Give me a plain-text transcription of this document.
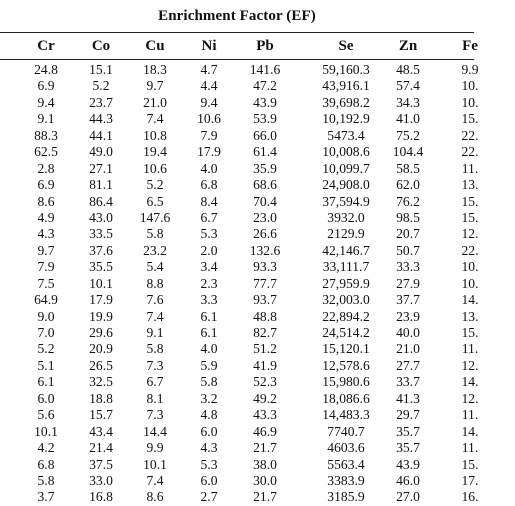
Enrichment Factor (EF)
Cr	Co	Cu	Ni	Pb	Se	Zn	Fe
24.8	15.1	18.3	4.7	141.6	59,160.3	48.5	9.9
6.9	5.2	9.7	4.4	47.2	43,916.1	57.4	10.
9.4	23.7	21.0	9.4	43.9	39,698.2	34.3	10.
9.1	44.3	7.4	10.6	53.9	10,192.9	41.0	15.
88.3	44.1	10.8	7.9	66.0	5473.4	75.2	22.
62.5	49.0	19.4	17.9	61.4	10,008.6	104.4	22.
2.8	27.1	10.6	4.0	35.9	10,099.7	58.5	11.
6.9	81.1	5.2	6.8	68.6	24,908.0	62.0	13.
8.6	86.4	6.5	8.4	70.4	37,594.9	76.2	15.
4.9	43.0	147.6	6.7	23.0	3932.0	98.5	15.
4.3	33.5	5.8	5.3	26.6	2129.9	20.7	12.
9.7	37.6	23.2	2.0	132.6	42,146.7	50.7	22.
7.9	35.5	5.4	3.4	93.3	33,111.7	33.3	10.
7.5	10.1	8.8	2.3	77.7	27,959.9	27.9	10.
64.9	17.9	7.6	3.3	93.7	32,003.0	37.7	14.
9.0	19.9	7.4	6.1	48.8	22,894.2	23.9	13.
7.0	29.6	9.1	6.1	82.7	24,514.2	40.0	15.
5.2	20.9	5.8	4.0	51.2	15,120.1	21.0	11.
5.1	26.5	7.3	5.9	41.9	12,578.6	27.7	12.
6.1	32.5	6.7	5.8	52.3	15,980.6	33.7	14.
6.0	18.8	8.1	3.2	49.2	18,086.6	41.3	12.
5.6	15.7	7.3	4.8	43.3	14,483.3	29.7	11.
10.1	43.4	14.4	6.0	46.9	7740.7	35.7	14.
4.2	21.4	9.9	4.3	21.7	4603.6	35.7	11.
6.8	37.5	10.1	5.3	38.0	5563.4	43.9	15.
5.8	33.0	7.4	6.0	30.0	3383.9	46.0	17.
3.7	16.8	8.6	2.7	21.7	3185.9	27.0	16.
